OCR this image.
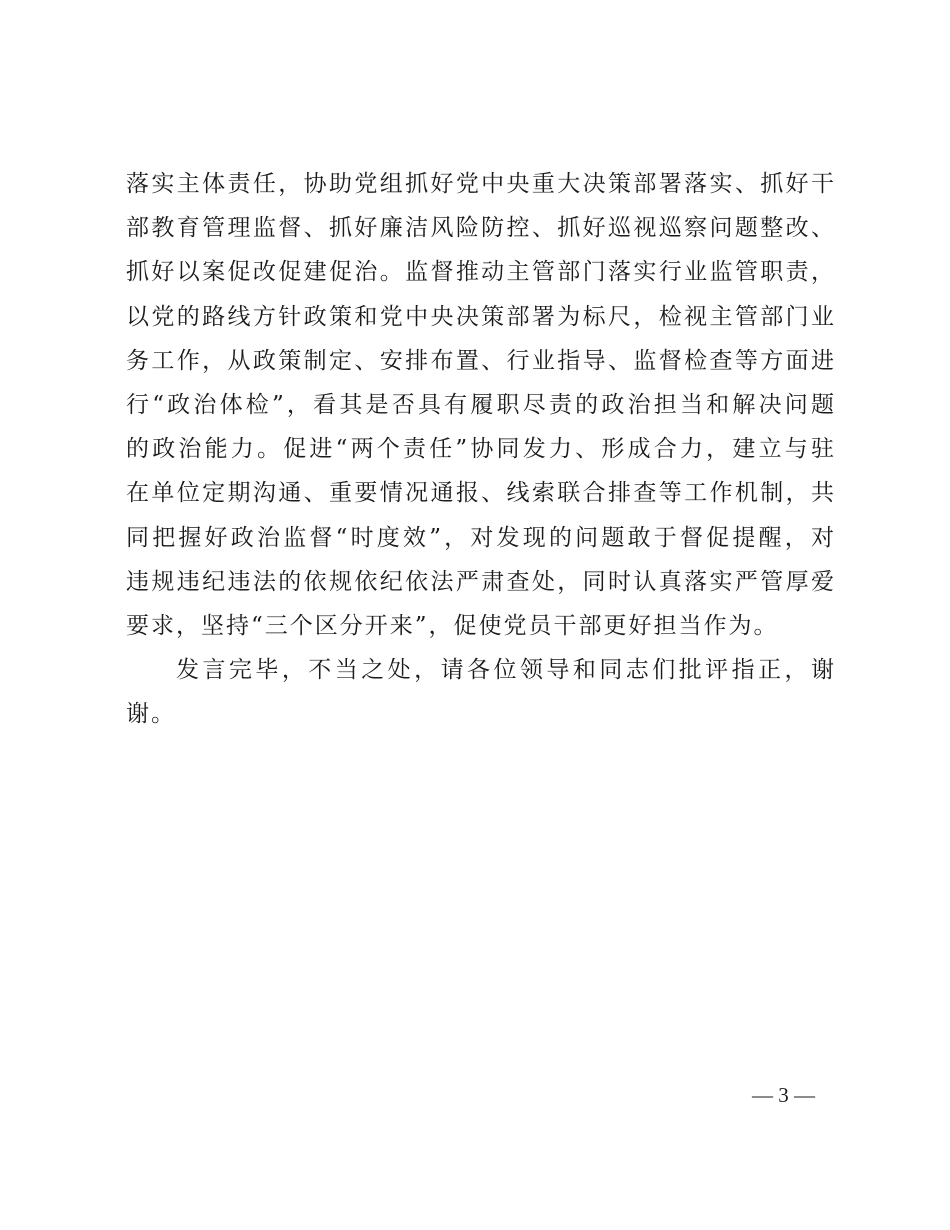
落实主体责任，协助党组抓好党中央重大决策部署落实、抓好干
部教育管理监督、抓好廉洁风险防控、抓好巡视巡察问题整改、
抓好以案促改促建促治。监督推动主管部门落实行业监管职责，
以党的路线方针政策和党中央决策部署为标尺，检视主管部门业
务工作，从政策制定、安排布置、行业指导、监督检查等方面进
行“政治体检”，看其是否具有履职尽责的政治担当和解决问题
的政治能力。促进“两个责任”协同发力、形成合力，建立与驻
在单位定期沟通、重要情况通报、线索联合排查等工作机制，共
同把握好政治监督“时度效”，对发现的问题敢于督促提醒，对
违规违纪违法的依规依纪依法严肃查处，同时认真落实严管厚爱
要求，坚持“三个区分开来”，促使党员干部更好担当作为。
发言完毕，不当之处，请各位领导和同志们批评指正，谢
谢。
— 3 —
